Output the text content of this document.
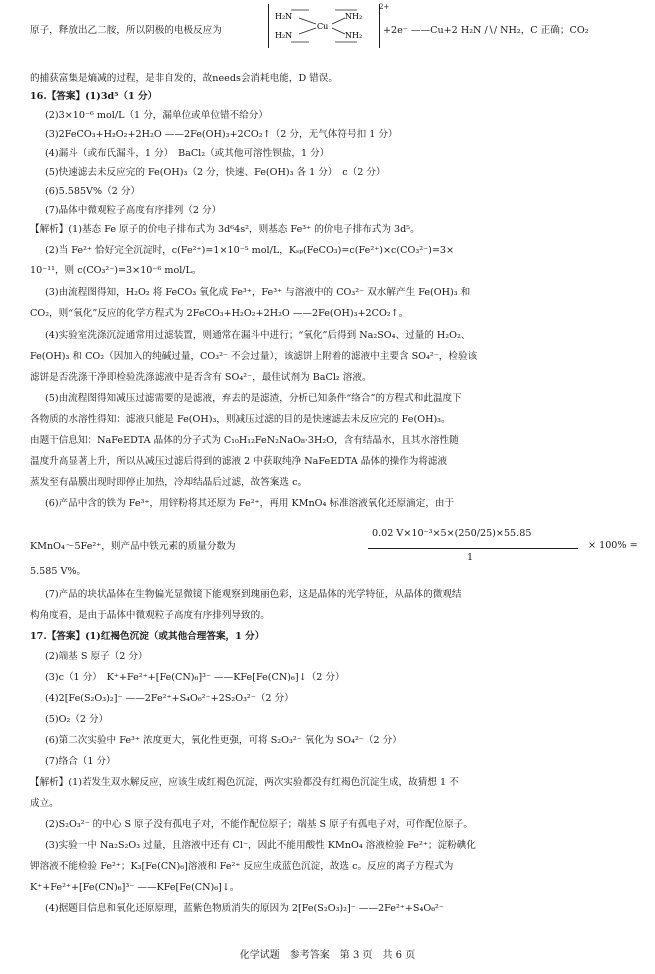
原子，释放出乙二胺，所以阴极的电极反应为	+2e⁻ ——Cu+2 H₂N ∕∖∕ NH₂，C 正确；CO₂
的捕获富集是熵减的过程，是非自发的，故needs会消耗电能，D 错误。
16.【答案】(1)3d⁵（1 分）
(2)3×10⁻⁶ mol/L（1 分，漏单位或单位错不给分）
(3)2FeCO₃+H₂O₂+2H₂O ——2Fe(OH)₃+2CO₂↑（2 分，无气体符号扣 1 分）
(4)漏斗（或布氏漏斗，1 分）　BaCl₂（或其他可溶性钡盐，1 分）
(5)快速滤去未反应完的 Fe(OH)₃（2 分，快速、Fe(OH)₃ 各 1 分）　c（2 分）
(6)5.585V%（2 分）
(7)晶体中微观粒子高度有序排列（2 分）
【解析】(1)基态 Fe 原子的价电子排布式为 3d⁶4s²，则基态 Fe³⁺ 的价电子排布式为 3d⁵。
(2)当 Fe²⁺ 恰好完全沉淀时，c(Fe²⁺)=1×10⁻⁵ mol/L，Kₛₚ(FeCO₃)=c(Fe²⁺)×c(CO₃²⁻)=3×
10⁻¹¹，则 c(CO₃²⁻)=3×10⁻⁶ mol/L。
(3)由流程图得知，H₂O₂ 将 FeCO₃ 氧化成 Fe³⁺，Fe³⁺ 与溶液中的 CO₃²⁻ 双水解产生 Fe(OH)₃ 和
CO₂，则“氧化”反应的化学方程式为 2FeCO₃+H₂O₂+2H₂O ——2Fe(OH)₃+2CO₂↑。
(4)实验室洗涤沉淀通常用过滤装置，则通常在漏斗中进行；“氧化”后得到 Na₂SO₄、过量的 H₂O₂、
Fe(OH)₃ 和 CO₂（因加入的纯碱过量，CO₃²⁻ 不会过量），该滤饼上附着的滤液中主要含 SO₄²⁻，检验该
滤饼是否洗涤干净即检验洗涤滤液中是否含有 SO₄²⁻，最佳试剂为 BaCl₂ 溶液。
(5)由流程图得知减压过滤需要的是滤液，弃去的是滤渣，分析已知条件“络合”的方程式和此温度下
各物质的水溶性得知：滤液只能是 Fe(OH)₃，则减压过滤的目的是快速滤去未反应完的 Fe(OH)₃。
由题干信息知：NaFeEDTA 晶体的分子式为 C₁₀H₁₂FeN₂NaO₈·3H₂O，含有结晶水，且其水溶性随
温度升高显著上升，所以从减压过滤后得到的滤液 2 中获取纯净 NaFeEDTA 晶体的操作为将滤液
蒸发至有晶膜出现时即停止加热，冷却结晶后过滤，故答案选 c。
(6)产品中含的铁为 Fe³⁺，用锌粉将其还原为 Fe²⁺，再用 KMnO₄ 标准溶液氧化还原滴定，由于
KMnO₄～5Fe²⁺，则产品中铁元素的质量分数为
5.585 V%。
(7)产品的块状晶体在生物偏光显微镜下能观察到瑰丽色彩，这是晶体的光学特征，从晶体的微观结
构角度看，是由于晶体中微观粒子高度有序排列导致的。
17.【答案】(1)红褐色沉淀（或其他合理答案，1 分）
(2)端基 S 原子（2 分）
(3)c（1 分）　K⁺+Fe²⁺+[Fe(CN)₆]³⁻ ——KFe[Fe(CN)₆]↓（2 分）
(4)2[Fe(S₂O₃)₂]⁻ ——2Fe²⁺+S₄O₆²⁻+2S₂O₃²⁻（2 分）
(5)O₂（2 分）
(6)第二次实验中 Fe³⁺ 浓度更大，氧化性更强，可将 S₂O₃²⁻ 氧化为 SO₄²⁻（2 分）
(7)络合（1 分）
【解析】(1)若发生双水解反应，应该生成红褐色沉淀，两次实验都没有红褐色沉淀生成，故猜想 1 不
成立。
(2)S₂O₃²⁻ 的中心 S 原子没有孤电子对，不能作配位原子；端基 S 原子有孤电子对，可作配位原子。
(3)实验一中 Na₂S₂O₃ 过量，且溶液中还有 Cl⁻，因此不能用酸性 KMnO₄ 溶液检验 Fe²⁺；淀粉碘化
钾溶液不能检验 Fe²⁺；K₃[Fe(CN)₆]溶液和 Fe²⁺ 反应生成蓝色沉淀，故选 c。反应的离子方程式为
K⁺+Fe²⁺+[Fe(CN)₆]³⁻ ——KFe[Fe(CN)₆]↓。
(4)据题目信息和氧化还原原理，蓝紫色物质消失的原因为 2[Fe(S₂O₃)₂]⁻ ——2Fe²⁺+S₄O₆²⁻
H₂N
H₂N
Cu
NH₂
NH₂
2+
0.02 V×10⁻³×5×(250/25)×55.85
1
× 100% =
化学试题　参考答案　第 3 页　共 6 页
